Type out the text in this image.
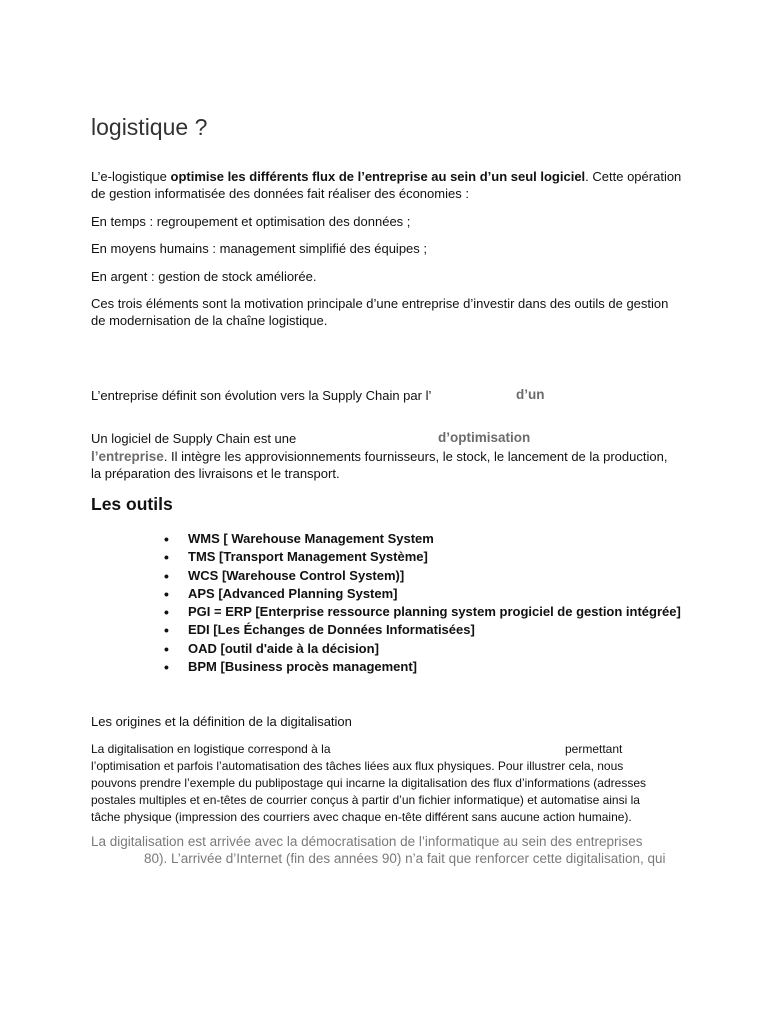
logistique ?
L’e-logistique optimise les différents flux de l’entreprise au sein d’un seul logiciel. Cette opération
de gestion informatisée des données fait réaliser des économies :
En temps : regroupement et optimisation des données ;
En moyens humains : management simplifié des équipes ;
En argent : gestion de stock améliorée.
Ces trois éléments sont la motivation principale d’une entreprise d’investir dans des outils de gestion
de modernisation de la chaîne logistique.
L’entreprise définit son évolution vers la Supply Chain par l’	d’un
Un logiciel de Supply Chain est une	d’optimisation
l’entreprise. Il intègre les approvisionnements fournisseurs, le stock, le lancement de la production,
la préparation des livraisons et le transport.
Les outils
• WMS [ Warehouse Management System
• TMS [Transport Management Système]
• WCS [Warehouse Control System)]
• APS [Advanced Planning System]
• PGI = ERP [Enterprise ressource planning system progiciel de gestion intégrée]
• EDI [Les Échanges de Données Informatisées]
• OAD [outil d'aide à la décision]
• BPM [Business procès management]
Les origines et la définition de la digitalisation
La digitalisation en logistique correspond à la	permettant
l’optimisation et parfois l’automatisation des tâches liées aux flux physiques. Pour illustrer cela, nous
pouvons prendre l’exemple du publipostage qui incarne la digitalisation des flux d’informations (adresses
postales multiples et en-têtes de courrier conçus à partir d’un fichier informatique) et automatise ainsi la
tâche physique (impression des courriers avec chaque en-tête différent sans aucune action humaine).
La digitalisation est arrivée avec la démocratisation de l’informatique au sein des entreprises
80). L’arrivée d’Internet (fin des années 90) n’a fait que renforcer cette digitalisation, qui
